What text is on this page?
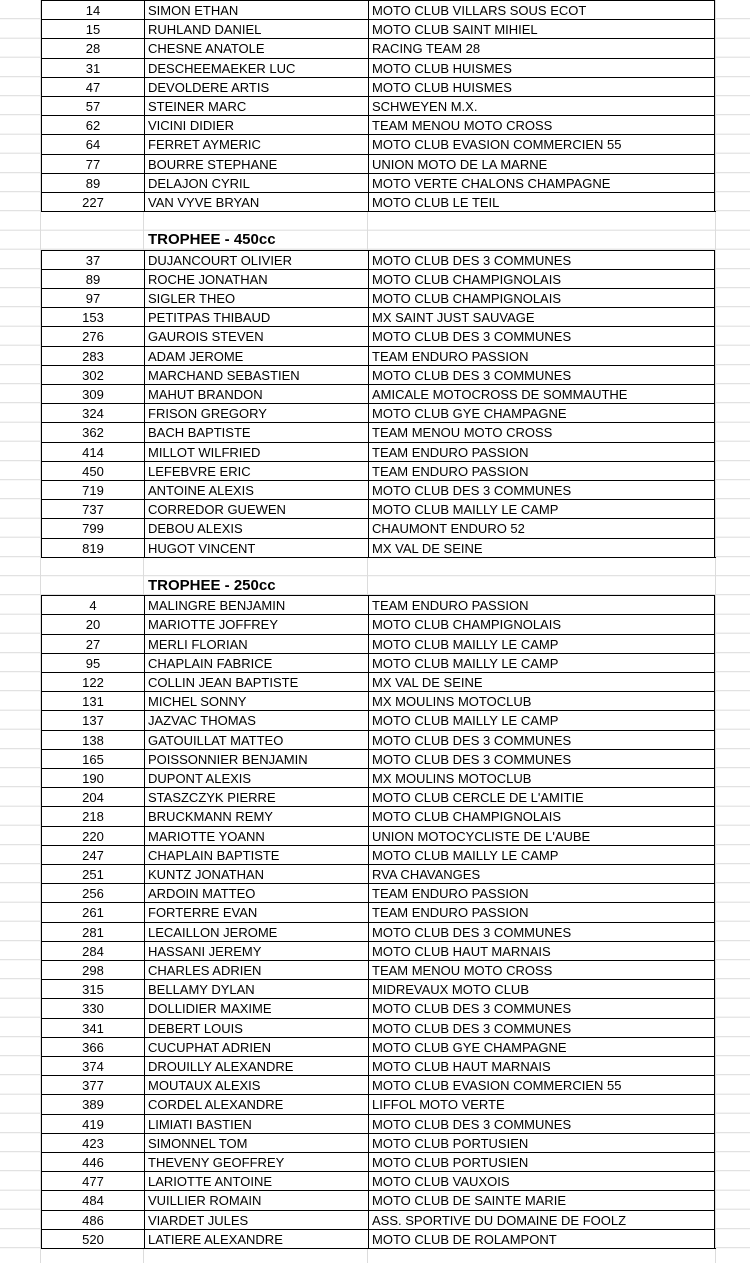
14	SIMON ETHAN	MOTO CLUB VILLARS SOUS ECOT
15	RUHLAND DANIEL	MOTO CLUB SAINT MIHIEL
28	CHESNE ANATOLE	RACING TEAM 28
31	DESCHEEMAEKER LUC	MOTO CLUB HUISMES
47	DEVOLDERE ARTIS	MOTO CLUB HUISMES
57	STEINER MARC	SCHWEYEN M.X.
62	VICINI DIDIER	TEAM MENOU MOTO CROSS
64	FERRET AYMERIC	MOTO CLUB EVASION COMMERCIEN 55
77	BOURRE STEPHANE	UNION MOTO DE LA MARNE
89	DELAJON CYRIL	MOTO VERTE CHALONS CHAMPAGNE
227	VAN VYVE BRYAN	MOTO CLUB LE TEIL
TROPHEE - 450cc
37	DUJANCOURT OLIVIER	MOTO CLUB DES 3 COMMUNES
89	ROCHE JONATHAN	MOTO CLUB CHAMPIGNOLAIS
97	SIGLER THEO	MOTO CLUB CHAMPIGNOLAIS
153	PETITPAS THIBAUD	MX SAINT JUST SAUVAGE
276	GAUROIS STEVEN	MOTO CLUB DES 3 COMMUNES
283	ADAM JEROME	TEAM ENDURO PASSION
302	MARCHAND SEBASTIEN	MOTO CLUB DES 3 COMMUNES
309	MAHUT BRANDON	AMICALE MOTOCROSS DE SOMMAUTHE
324	FRISON GREGORY	MOTO CLUB GYE CHAMPAGNE
362	BACH BAPTISTE	TEAM MENOU MOTO CROSS
414	MILLOT WILFRIED	TEAM ENDURO PASSION
450	LEFEBVRE ERIC	TEAM ENDURO PASSION
719	ANTOINE ALEXIS	MOTO CLUB DES 3 COMMUNES
737	CORREDOR GUEWEN	MOTO CLUB MAILLY LE CAMP
799	DEBOU ALEXIS	CHAUMONT ENDURO 52
819	HUGOT VINCENT	MX VAL DE SEINE
TROPHEE - 250cc
4	MALINGRE BENJAMIN	TEAM ENDURO PASSION
20	MARIOTTE JOFFREY	MOTO CLUB CHAMPIGNOLAIS
27	MERLI FLORIAN	MOTO CLUB MAILLY LE CAMP
95	CHAPLAIN FABRICE	MOTO CLUB MAILLY LE CAMP
122	COLLIN JEAN BAPTISTE	MX VAL DE SEINE
131	MICHEL SONNY	MX MOULINS MOTOCLUB
137	JAZVAC THOMAS	MOTO CLUB MAILLY LE CAMP
138	GATOUILLAT MATTEO	MOTO CLUB DES 3 COMMUNES
165	POISSONNIER BENJAMIN	MOTO CLUB DES 3 COMMUNES
190	DUPONT ALEXIS	MX MOULINS MOTOCLUB
204	STASZCZYK PIERRE	MOTO CLUB CERCLE DE L'AMITIE
218	BRUCKMANN REMY	MOTO CLUB CHAMPIGNOLAIS
220	MARIOTTE YOANN	UNION MOTOCYCLISTE DE L'AUBE
247	CHAPLAIN BAPTISTE	MOTO CLUB MAILLY LE CAMP
251	KUNTZ JONATHAN	RVA CHAVANGES
256	ARDOIN MATTEO	TEAM ENDURO PASSION
261	FORTERRE EVAN	TEAM ENDURO PASSION
281	LECAILLON JEROME	MOTO CLUB DES 3 COMMUNES
284	HASSANI JEREMY	MOTO CLUB HAUT MARNAIS
298	CHARLES ADRIEN	TEAM MENOU MOTO CROSS
315	BELLAMY DYLAN	MIDREVAUX MOTO CLUB
330	DOLLIDIER MAXIME	MOTO CLUB DES 3 COMMUNES
341	DEBERT LOUIS	MOTO CLUB DES 3 COMMUNES
366	CUCUPHAT ADRIEN	MOTO CLUB GYE CHAMPAGNE
374	DROUILLY ALEXANDRE	MOTO CLUB HAUT MARNAIS
377	MOUTAUX ALEXIS	MOTO CLUB EVASION COMMERCIEN 55
389	CORDEL ALEXANDRE	LIFFOL MOTO VERTE
419	LIMIATI BASTIEN	MOTO CLUB DES 3 COMMUNES
423	SIMONNEL TOM	MOTO CLUB PORTUSIEN
446	THEVENY GEOFFREY	MOTO CLUB PORTUSIEN
477	LARIOTTE ANTOINE	MOTO CLUB VAUXOIS
484	VUILLIER ROMAIN	MOTO CLUB DE SAINTE MARIE
486	VIARDET JULES	ASS. SPORTIVE DU DOMAINE DE FOOLZ
520	LATIERE ALEXANDRE	MOTO CLUB DE ROLAMPONT
